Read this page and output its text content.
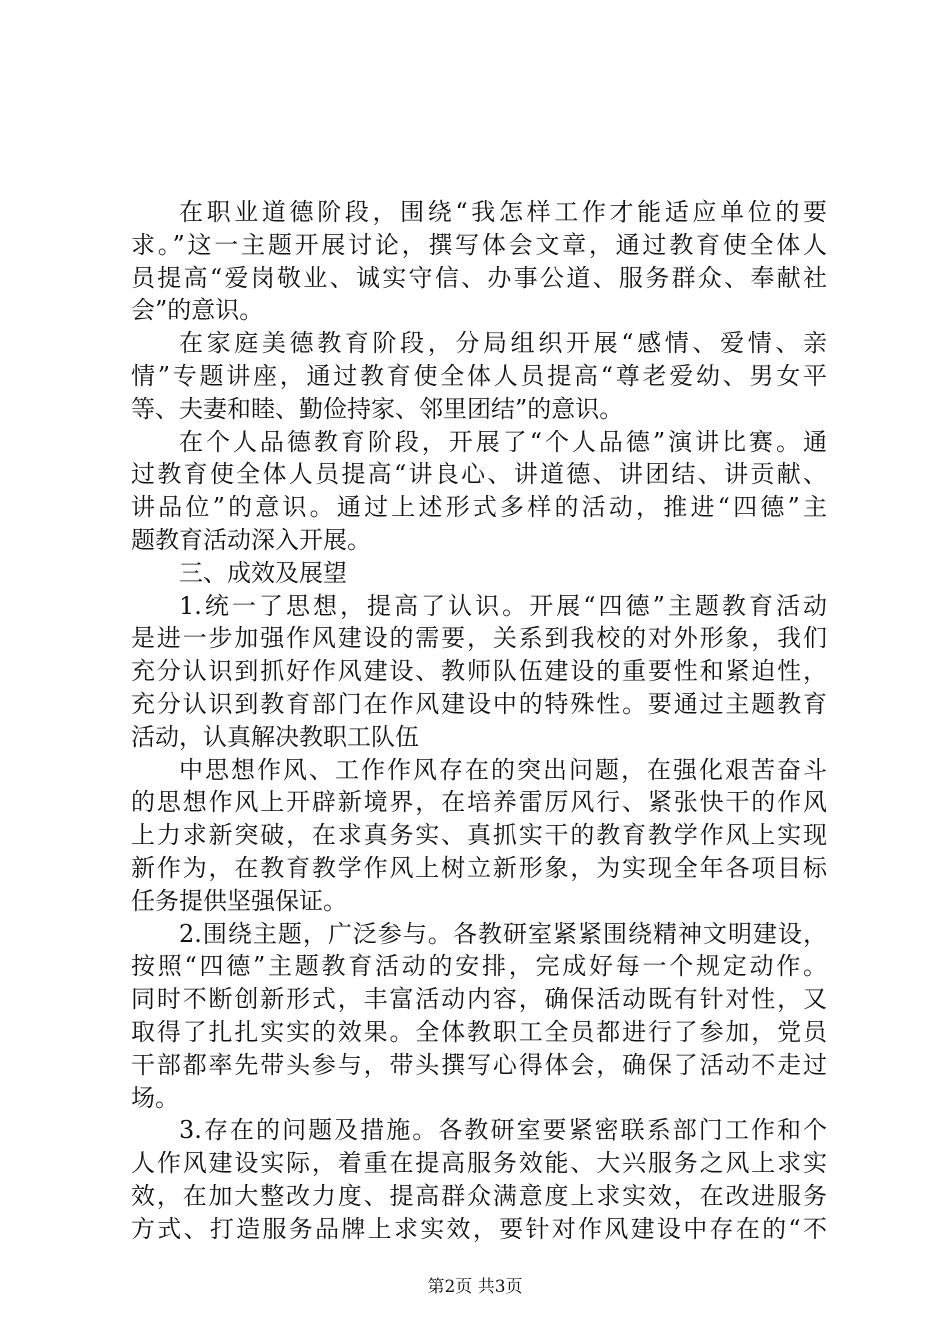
在职业道德阶段，围绕“我怎样工作才能适应单位的要
求。”这一主题开展讨论，撰写体会文章，通过教育使全体人
员提高“爱岗敬业、诚实守信、办事公道、服务群众、奉献社
会”的意识。
在家庭美德教育阶段，分局组织开展“感情、爱情、亲
情”专题讲座，通过教育使全体人员提高“尊老爱幼、男女平
等、夫妻和睦、勤俭持家、邻里团结”的意识。
在个人品德教育阶段，开展了“个人品德”演讲比赛。通
过教育使全体人员提高“讲良心、讲道德、讲团结、讲贡献、
讲品位”的意识。通过上述形式多样的活动，推进“四德”主
题教育活动深入开展。
三、成效及展望
1.统一了思想，提高了认识。开展“四德”主题教育活动
是进一步加强作风建设的需要，关系到我校的对外形象，我们
充分认识到抓好作风建设、教师队伍建设的重要性和紧迫性，
充分认识到教育部门在作风建设中的特殊性。要通过主题教育
活动，认真解决教职工队伍
中思想作风、工作作风存在的突出问题，在强化艰苦奋斗
的思想作风上开辟新境界，在培养雷厉风行、紧张快干的作风
上力求新突破，在求真务实、真抓实干的教育教学作风上实现
新作为，在教育教学作风上树立新形象，为实现全年各项目标
任务提供坚强保证。
2.围绕主题，广泛参与。各教研室紧紧围绕精神文明建设，
按照“四德”主题教育活动的安排，完成好每一个规定动作。
同时不断创新形式，丰富活动内容，确保活动既有针对性，又
取得了扎扎实实的效果。全体教职工全员都进行了参加，党员
干部都率先带头参与，带头撰写心得体会，确保了活动不走过
场。
3.存在的问题及措施。各教研室要紧密联系部门工作和个
人作风建设实际，着重在提高服务效能、大兴服务之风上求实
效，在加大整改力度、提高群众满意度上求实效，在改进服务
方式、打造服务品牌上求实效，要针对作风建设中存在的“不
第2页 共3页
